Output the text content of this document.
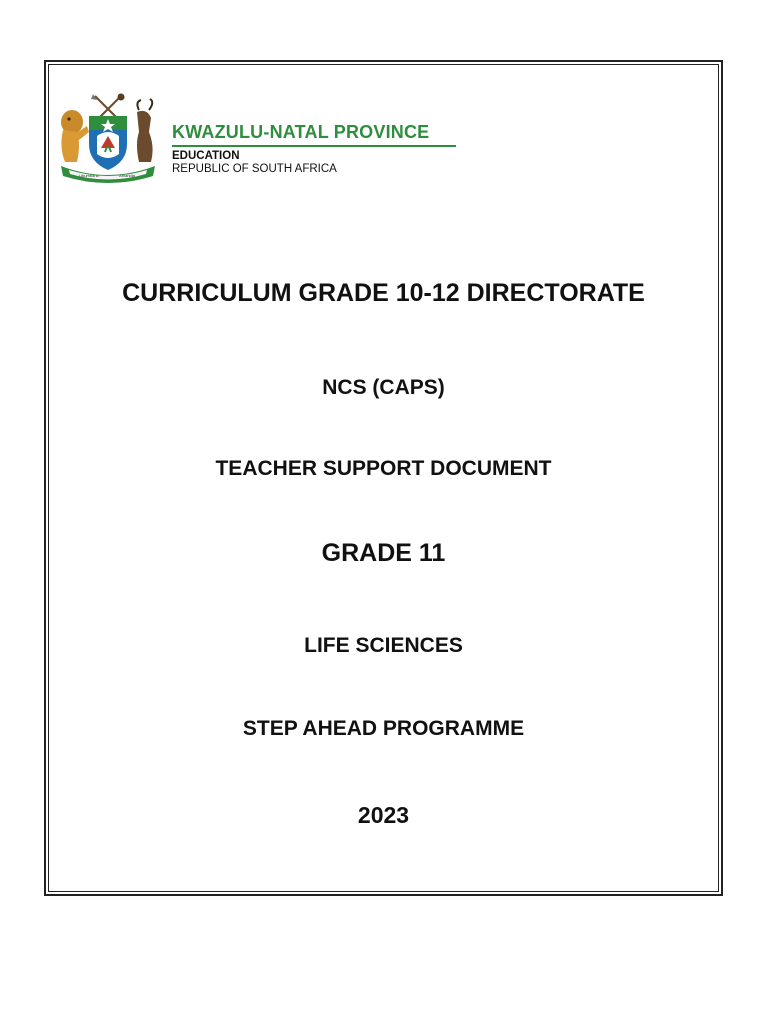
Ubumbano	Amandla
KWAZULU-NATAL PROVINCE
EDUCATION
REPUBLIC OF SOUTH AFRICA
CURRICULUM GRADE 10-12 DIRECTORATE
NCS (CAPS)
TEACHER SUPPORT DOCUMENT
GRADE 11
LIFE SCIENCES
STEP AHEAD PROGRAMME
2023
